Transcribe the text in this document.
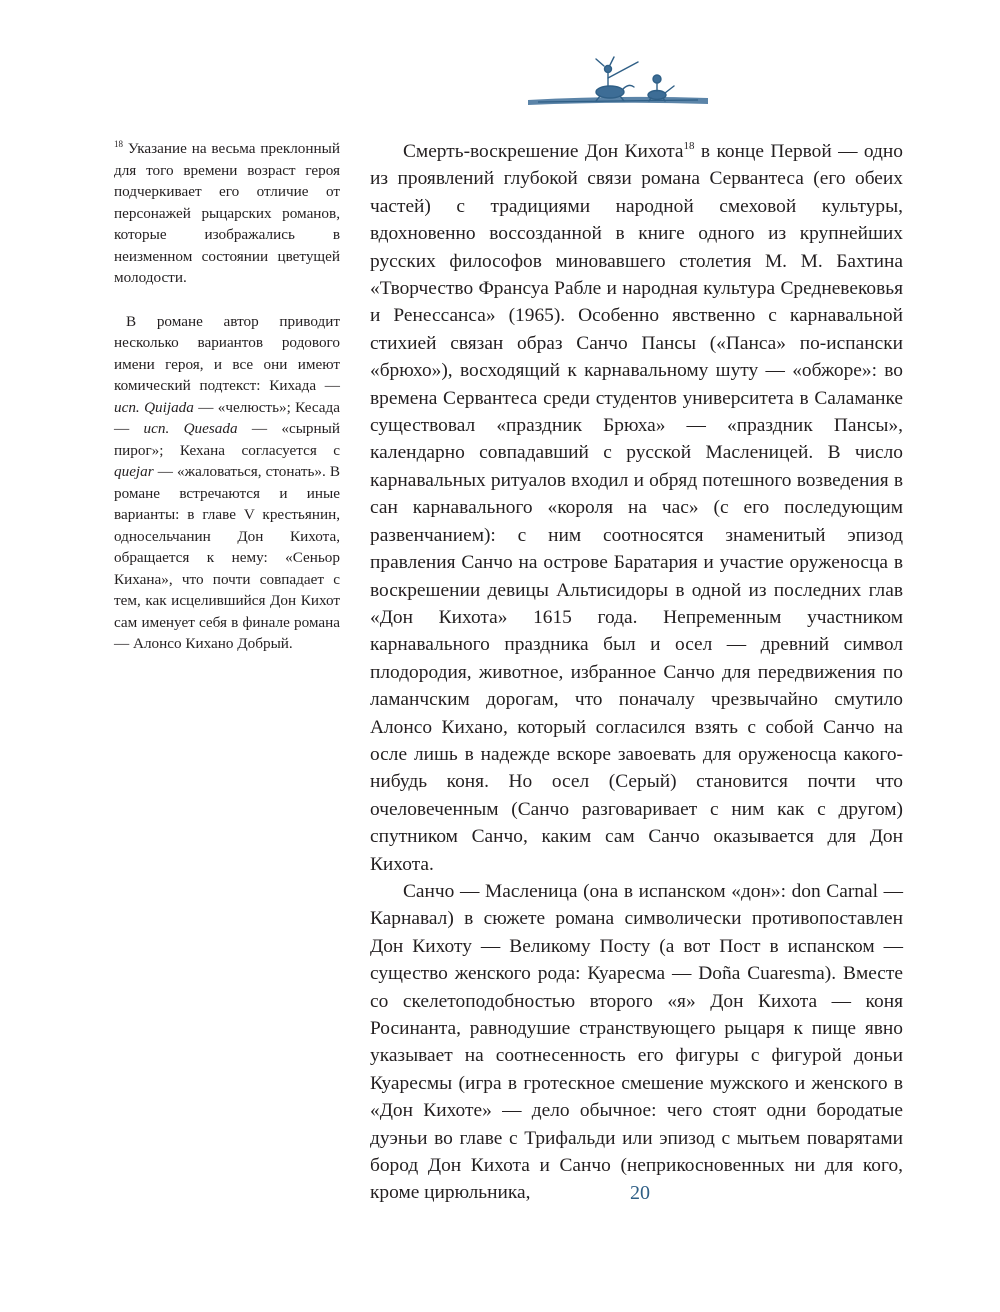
$^{18}$ Указание на весьма преклонный для того времени возраст героя подчеркивает его отличие от персонажей рыцарских романов, которые изображались в неизменном состоянии цветущей молодости.

В романе автор приводит несколько вариантов родового имени героя, и все они имеют комический подтекст: Кихада — исп. Quijada — «челюсть»; Кесада — исп. Quesada — «сырный пирог»; Кехана согласуется с quejar — «жаловаться, стонать». В романе встречаются и иные варианты: в главе V крестьянин, односельчанин Дон Кихота, обращается к нему: «Сеньор Кихана», что почти совпадает с тем, как исцелившийся Дон Кихот сам именует себя в финале романа — Алонсо Кихано Добрый.

Смерть-воскрешение Дон Кихота$^{18}$ в конце Первой — одно из проявлений глубокой связи романа Сервантеса (его обеих частей) с традициями народной смеховой культуры, вдохновенно воссозданной в книге одного из крупнейших русских философов миновавшего столетия М. М. Бахтина «Творчество Франсуа Рабле и народная культура Средневековья и Ренессанса» (1965). Особенно явственно с карнавальной стихией связан образ Санчо Пансы («Панса» по-испански «брюхо»), восходящий к карнавальному шуту — «обжоре»: во времена Сервантеса среди студентов университета в Саламанке существовал «праздник Брюха» — «праздник Пансы», календарно совпадавший с русской Масленицей. В число карнавальных ритуалов входил и обряд потешного возведения в сан карнавального «короля на час» (с его последующим развенчанием): с ним соотносятся знаменитый эпизод правления Санчо на острове Баратария и участие оруженосца в воскрешении девицы Альтисидоры в одной из последних глав «Дон Кихота» 1615 года. Непременным участником карнавального праздника был и осел — древний символ плодородия, животное, избранное Санчо для передвижения по ламанчским дорогам, что поначалу чрезвычайно смутило Алонсо Кихано, который согласился взять с собой Санчо на осле лишь в надежде вскоре завоевать для оруженосца какого-нибудь коня. Но осел (Серый) становится почти что очеловеченным (Санчо разговаривает с ним как с другом) спутником Санчо, каким сам Санчо оказывается для Дон Кихота.

Санчо — Масленица (она в испанском «дон»: don Carnal — Карнавал) в сюжете романа символически противопоставлен Дон Кихоту — Великому Посту (а вот Пост в испанском — существо женского рода: Куаресма — Doña Cuaresma). Вместе со скелетоподобностью второго «я» Дон Кихота — коня Росинанта, равнодушие странствующего рыцаря к пище явно указывает на соотнесенность его фигуры с фигурой доньи Куаресмы (игра в гротескное смешение мужского и женского в «Дон Кихоте» — дело обычное: чего стоят одни бородатые дуэньи во главе с Трифальди или эпизод с мытьем поварятами бород Дон Кихота и Санчо (неприкосновенных ни для кого, кроме цирюльника,	20
